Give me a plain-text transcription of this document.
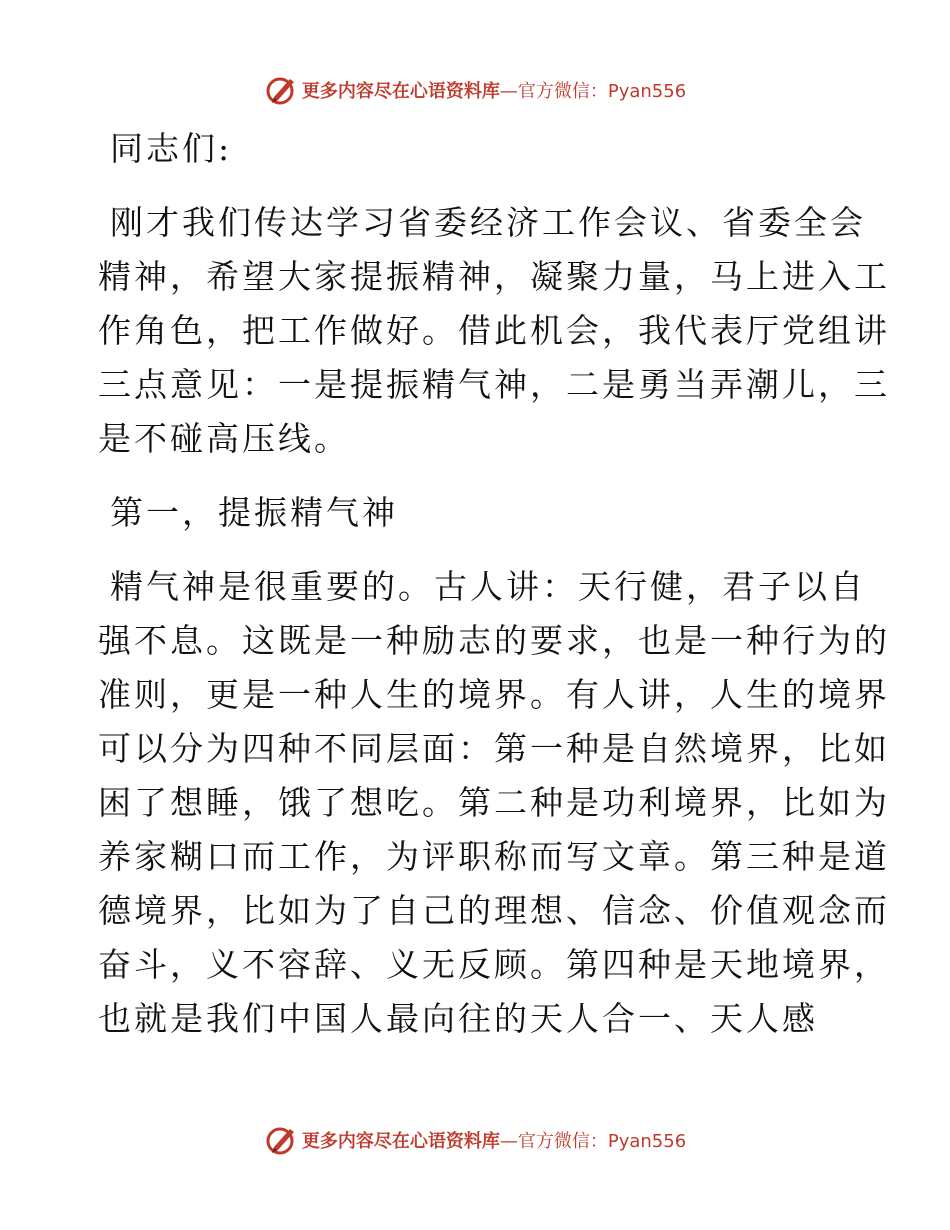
更多内容尽在心语资料库 —官方微信：Pyan556
同志们:
刚才我们传达学习省委经济工作会议、省委全会
精神，希望大家提振精神，凝聚力量，马上进入工
作角色，把工作做好。借此机会，我代表厅党组讲
三点意见：一是提振精气神，二是勇当弄潮儿，三
是不碰高压线。
第一，提振精气神
精气神是很重要的。古人讲：天行健，君子以自
强不息。这既是一种励志的要求，也是一种行为的
准则，更是一种人生的境界。有人讲，人生的境界
可以分为四种不同层面：第一种是自然境界，比如
困了想睡，饿了想吃。第二种是功利境界，比如为
养家糊口而工作，为评职称而写文章。第三种是道
德境界，比如为了自己的理想、信念、价值观念而
奋斗，义不容辞、义无反顾。第四种是天地境界，
也就是我们中国人最向往的天人合一、天人感
更多内容尽在心语资料库 —官方微信：Pyan556
